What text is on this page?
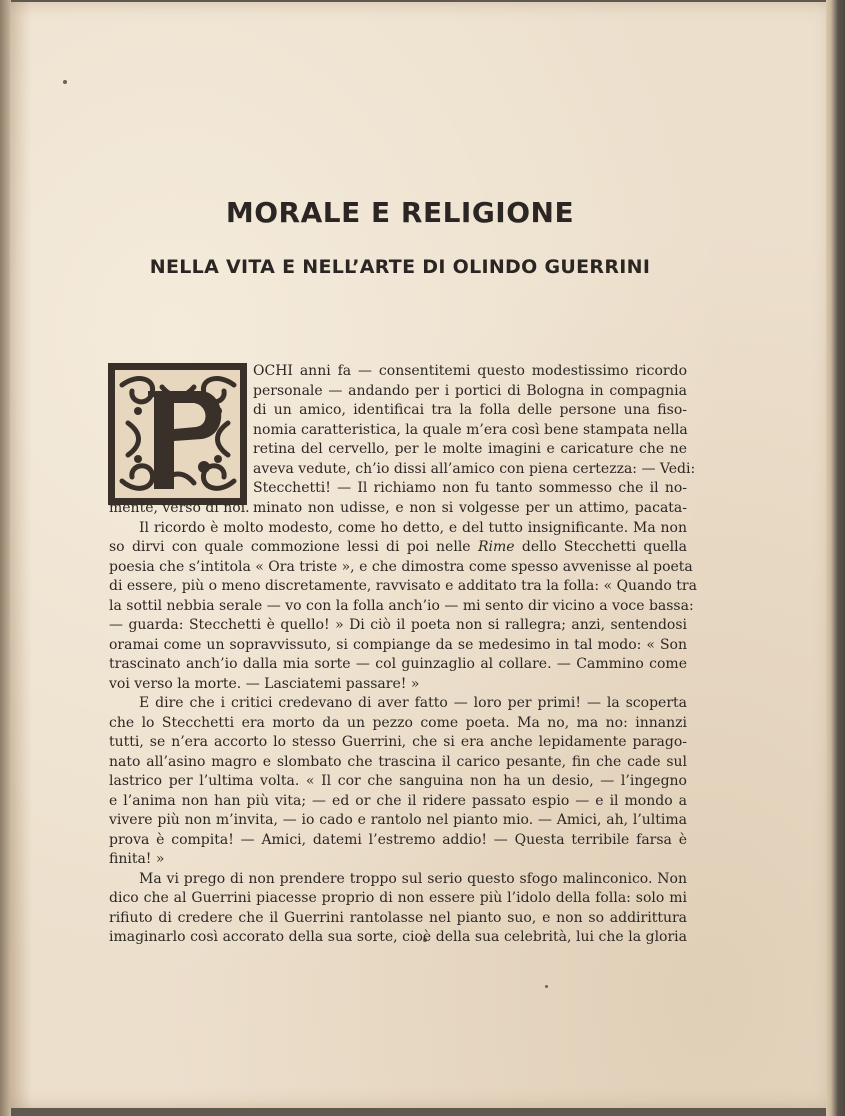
MORALE E RELIGIONE
NELLA VITA E NELL’ARTE DI OLINDO GUERRINI
OCHI anni fa — consentitemi questo modestissimo ricordo
personale — andando per i portici di Bologna in compagnia
di un amico, identificai tra la folla delle persone una fiso-
nomia caratteristica, la quale m’era così bene stampata nella
retina del cervello, per le molte imagini e caricature che ne
aveva vedute, ch’io dissi all’amico con piena certezza: — Vedi:
Stecchetti! — Il richiamo non fu tanto sommesso che il no-
minato non udisse, e non si volgesse per un attimo, pacata-
mente, verso di noi.
Il ricordo è molto modesto, come ho detto, e del tutto insignificante. Ma non
so dirvi con quale commozione lessi di poi nelle Rime dello Stecchetti quella
poesia che s’intitola « Ora triste », e che dimostra come spesso avvenisse al poeta
di essere, più o meno discretamente, ravvisato e additato tra la folla: « Quando tra
la sottil nebbia serale — vo con la folla anch’io — mi sento dir vicino a voce bassa:
— guarda: Stecchetti è quello! » Di ciò il poeta non si rallegra; anzi, sentendosi
oramai come un sopravvissuto, si compiange da se medesimo in tal modo: « Son
trascinato anch’io dalla mia sorte — col guinzaglio al collare. — Cammino come
voi verso la morte. — Lasciatemi passare! »
E dire che i critici credevano di aver fatto — loro per primi! — la scoperta
che lo Stecchetti era morto da un pezzo come poeta. Ma no, ma no: innanzi
tutti, se n’era accorto lo stesso Guerrini, che si era anche lepidamente parago-
nato all’asino magro e slombato che trascina il carico pesante, fin che cade sul
lastrico per l’ultima volta. « Il cor che sanguina non ha un desio, — l’ingegno
e l’anima non han più vita; — ed or che il ridere passato espio — e il mondo a
vivere più non m’invita, — io cado e rantolo nel pianto mio. — Amici, ah, l’ultima
prova è compita! — Amici, datemi l’estremo addio! — Questa terribile farsa è
finita! »
Ma vi prego di non prendere troppo sul serio questo sfogo malinconico. Non
dico che al Guerrini piacesse proprio di non essere più l’idolo della folla: solo mi
rifiuto di credere che il Guerrini rantolasse nel pianto suo, e non so addirittura
imaginarlo così accorato della sua sorte, cioè della sua celebrità, lui che la gloria
